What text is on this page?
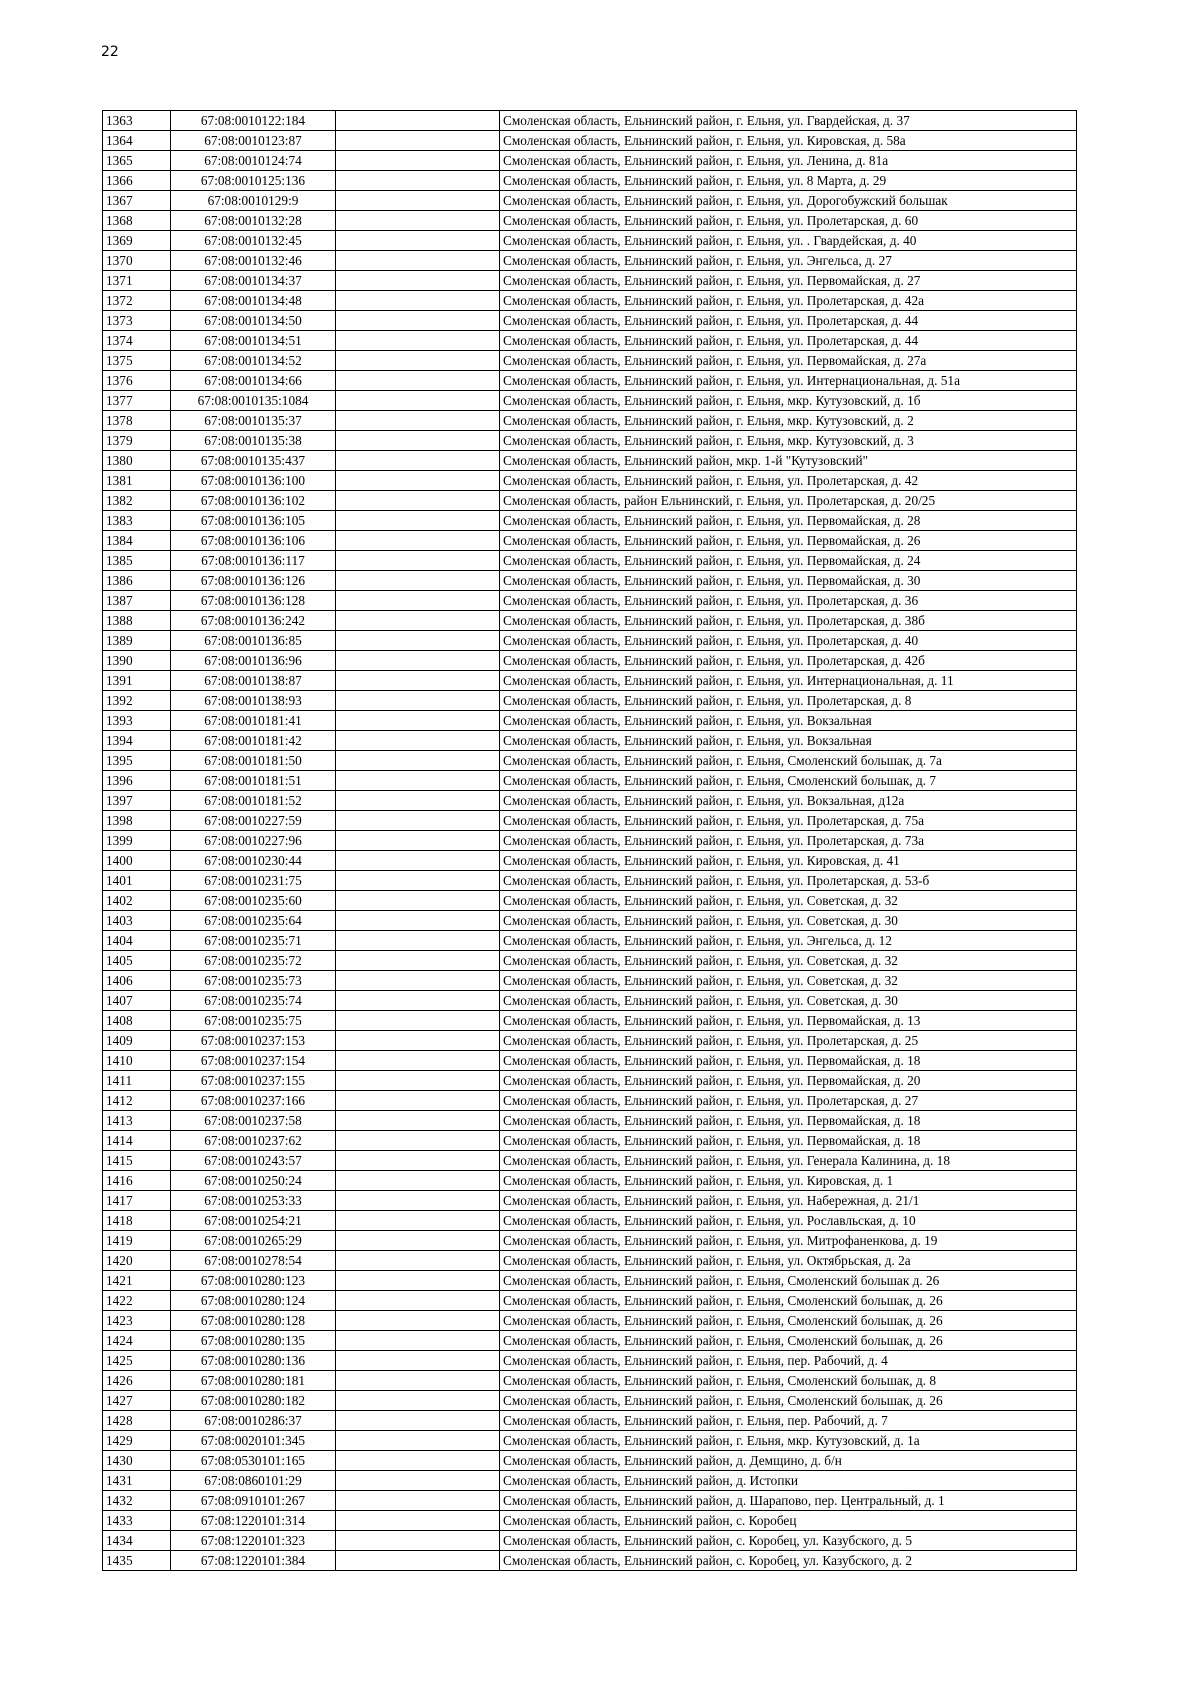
22
1363	67:08:0010122:184		Смоленская область, Ельнинский район, г. Ельня, ул. Гвардейская, д. 37
1364	67:08:0010123:87		Смоленская область, Ельнинский район, г. Ельня, ул. Кировская, д. 58а
1365	67:08:0010124:74		Смоленская область, Ельнинский район, г. Ельня, ул. Ленина, д. 81а
1366	67:08:0010125:136		Смоленская область, Ельнинский район, г. Ельня, ул. 8 Марта, д. 29
1367	67:08:0010129:9		Смоленская область, Ельнинский район, г. Ельня, ул. Дорогобужский большак
1368	67:08:0010132:28		Смоленская область, Ельнинский район, г. Ельня, ул. Пролетарская, д. 60
1369	67:08:0010132:45		Смоленская область, Ельнинский район, г. Ельня, ул. . Гвардейская, д. 40
1370	67:08:0010132:46		Смоленская область, Ельнинский район, г. Ельня, ул. Энгельса, д. 27
1371	67:08:0010134:37		Смоленская область, Ельнинский район, г. Ельня, ул. Первомайская, д. 27
1372	67:08:0010134:48		Смоленская область, Ельнинский район, г. Ельня, ул. Пролетарская, д. 42а
1373	67:08:0010134:50		Смоленская область, Ельнинский район, г. Ельня, ул. Пролетарская, д. 44
1374	67:08:0010134:51		Смоленская область, Ельнинский район, г. Ельня, ул. Пролетарская, д. 44
1375	67:08:0010134:52		Смоленская область, Ельнинский район, г. Ельня, ул. Первомайская, д. 27а
1376	67:08:0010134:66		Смоленская область, Ельнинский район, г. Ельня, ул. Интернациональная, д. 51а
1377	67:08:0010135:1084		Смоленская область, Ельнинский район, г. Ельня, мкр. Кутузовский, д. 1б
1378	67:08:0010135:37		Смоленская область, Ельнинский район, г. Ельня, мкр. Кутузовский, д. 2
1379	67:08:0010135:38		Смоленская область, Ельнинский район, г. Ельня, мкр. Кутузовский, д. 3
1380	67:08:0010135:437		Смоленская область, Ельнинский район, мкр. 1-й "Кутузовский"
1381	67:08:0010136:100		Смоленская область, Ельнинский район, г. Ельня, ул. Пролетарская, д. 42
1382	67:08:0010136:102		Смоленская область, район Ельнинский, г. Ельня, ул. Пролетарская, д. 20/25
1383	67:08:0010136:105		Смоленская область, Ельнинский район, г. Ельня, ул. Первомайская, д. 28
1384	67:08:0010136:106		Смоленская область, Ельнинский район, г. Ельня, ул. Первомайская, д. 26
1385	67:08:0010136:117		Смоленская область, Ельнинский район, г. Ельня, ул. Первомайская, д. 24
1386	67:08:0010136:126		Смоленская область, Ельнинский район, г. Ельня, ул. Первомайская, д. 30
1387	67:08:0010136:128		Смоленская область, Ельнинский район, г. Ельня, ул. Пролетарская, д. 36
1388	67:08:0010136:242		Смоленская область, Ельнинский район, г. Ельня, ул. Пролетарская, д. 38б
1389	67:08:0010136:85		Смоленская область, Ельнинский район, г. Ельня, ул. Пролетарская, д. 40
1390	67:08:0010136:96		Смоленская область, Ельнинский район, г. Ельня, ул. Пролетарская, д. 42б
1391	67:08:0010138:87		Смоленская область, Ельнинский район, г. Ельня, ул. Интернациональная, д. 11
1392	67:08:0010138:93		Смоленская область, Ельнинский район, г. Ельня, ул. Пролетарская, д. 8
1393	67:08:0010181:41		Смоленская область, Ельнинский район, г. Ельня, ул. Вокзальная
1394	67:08:0010181:42		Смоленская область, Ельнинский район, г. Ельня, ул. Вокзальная
1395	67:08:0010181:50		Смоленская область, Ельнинский район, г. Ельня, Смоленский большак, д. 7а
1396	67:08:0010181:51		Смоленская область, Ельнинский район, г. Ельня, Смоленский большак, д. 7
1397	67:08:0010181:52		Смоленская область, Ельнинский район, г. Ельня, ул. Вокзальная, д12а
1398	67:08:0010227:59		Смоленская область, Ельнинский район, г. Ельня, ул. Пролетарская, д. 75а
1399	67:08:0010227:96		Смоленская область, Ельнинский район, г. Ельня, ул. Пролетарская, д. 73а
1400	67:08:0010230:44		Смоленская область, Ельнинский район, г. Ельня, ул. Кировская, д. 41
1401	67:08:0010231:75		Смоленская область, Ельнинский район, г. Ельня, ул. Пролетарская, д. 53-б
1402	67:08:0010235:60		Смоленская область, Ельнинский район, г. Ельня, ул. Советская, д. 32
1403	67:08:0010235:64		Смоленская область, Ельнинский район, г. Ельня, ул. Советская, д. 30
1404	67:08:0010235:71		Смоленская область, Ельнинский район, г. Ельня, ул. Энгельса, д. 12
1405	67:08:0010235:72		Смоленская область, Ельнинский район, г. Ельня, ул. Советская, д. 32
1406	67:08:0010235:73		Смоленская область, Ельнинский район, г. Ельня, ул. Советская, д. 32
1407	67:08:0010235:74		Смоленская область, Ельнинский район, г. Ельня, ул. Советская, д. 30
1408	67:08:0010235:75		Смоленская область, Ельнинский район, г. Ельня, ул. Первомайская, д. 13
1409	67:08:0010237:153		Смоленская область, Ельнинский район, г. Ельня, ул. Пролетарская, д. 25
1410	67:08:0010237:154		Смоленская область, Ельнинский район, г. Ельня, ул. Первомайская, д. 18
1411	67:08:0010237:155		Смоленская область, Ельнинский район, г. Ельня, ул. Первомайская, д. 20
1412	67:08:0010237:166		Смоленская область, Ельнинский район, г. Ельня, ул. Пролетарская, д. 27
1413	67:08:0010237:58		Смоленская область, Ельнинский район, г. Ельня, ул. Первомайская, д. 18
1414	67:08:0010237:62		Смоленская область, Ельнинский район, г. Ельня, ул. Первомайская, д. 18
1415	67:08:0010243:57		Смоленская область, Ельнинский район, г. Ельня, ул. Генерала Калинина, д. 18
1416	67:08:0010250:24		Смоленская область, Ельнинский район, г. Ельня, ул. Кировская, д. 1
1417	67:08:0010253:33		Смоленская область, Ельнинский район, г. Ельня, ул. Набережная, д. 21/1
1418	67:08:0010254:21		Смоленская область, Ельнинский район, г. Ельня, ул. Рославльская, д. 10
1419	67:08:0010265:29		Смоленская область, Ельнинский район, г. Ельня, ул. Митрофаненкова, д. 19
1420	67:08:0010278:54		Смоленская область, Ельнинский район, г. Ельня, ул. Октябрьская, д. 2а
1421	67:08:0010280:123		Смоленская область, Ельнинский район, г. Ельня, Смоленский большак д. 26
1422	67:08:0010280:124		Смоленская область, Ельнинский район, г. Ельня, Смоленский большак, д. 26
1423	67:08:0010280:128		Смоленская область, Ельнинский район, г. Ельня, Смоленский большак, д. 26
1424	67:08:0010280:135		Смоленская область, Ельнинский район, г. Ельня, Смоленский большак, д. 26
1425	67:08:0010280:136		Смоленская область, Ельнинский район, г. Ельня, пер. Рабочий, д. 4
1426	67:08:0010280:181		Смоленская область, Ельнинский район, г. Ельня, Смоленский большак, д. 8
1427	67:08:0010280:182		Смоленская область, Ельнинский район, г. Ельня, Смоленский большак, д. 26
1428	67:08:0010286:37		Смоленская область, Ельнинский район, г. Ельня, пер. Рабочий, д. 7
1429	67:08:0020101:345		Смоленская область, Ельнинский район, г. Ельня, мкр. Кутузовский, д. 1а
1430	67:08:0530101:165		Смоленская область, Ельнинский район, д. Демщино, д. б/н
1431	67:08:0860101:29		Смоленская область, Ельнинский район, д. Истопки
1432	67:08:0910101:267		Смоленская область, Ельнинский район, д. Шарапово, пер. Центральный, д. 1
1433	67:08:1220101:314		Смоленская область, Ельнинский район, с. Коробец
1434	67:08:1220101:323		Смоленская область, Ельнинский район, с. Коробец, ул. Казубского, д. 5
1435	67:08:1220101:384		Смоленская область, Ельнинский район, с. Коробец, ул. Казубского, д. 2
